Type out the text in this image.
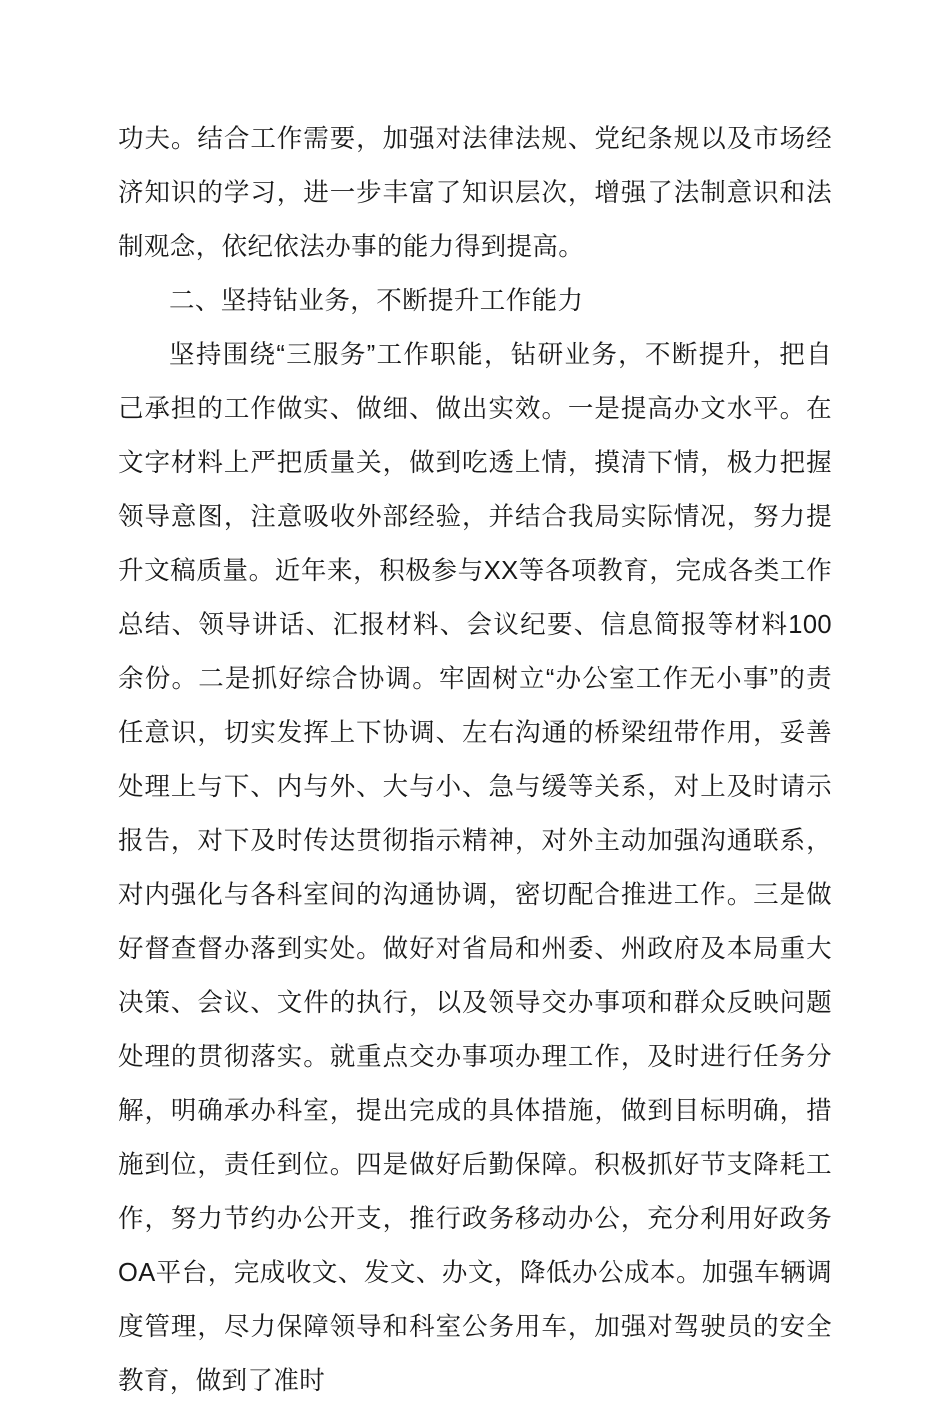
功夫。结合工作需要，加强对法律法规、党纪条规以及市场经济知识的学习，进一步丰富了知识层次，增强了法制意识和法制观念，依纪依法办事的能力得到提高。

二、坚持钻业务，不断提升工作能力

坚持围绕“三服务”工作职能，钻研业务，不断提升，把自己承担的工作做实、做细、做出实效。一是提高办文水平。在文字材料上严把质量关，做到吃透上情，摸清下情，极力把握领导意图，注意吸收外部经验，并结合我局实际情况，努力提升文稿质量。近年来，积极参与XX等各项教育，完成各类工作总结、领导讲话、汇报材料、会议纪要、信息简报等材料100余份。二是抓好综合协调。牢固树立“办公室工作无小事”的责任意识，切实发挥上下协调、左右沟通的桥梁纽带作用，妥善处理上与下、内与外、大与小、急与缓等关系，对上及时请示报告，对下及时传达贯彻指示精神，对外主动加强沟通联系，对内强化与各科室间的沟通协调，密切配合推进工作。三是做好督查督办落到实处。做好对省局和州委、州政府及本局重大决策、会议、文件的执行，以及领导交办事项和群众反映问题处理的贯彻落实。就重点交办事项办理工作，及时进行任务分解，明确承办科室，提出完成的具体措施，做到目标明确，措施到位，责任到位。四是做好后勤保障。积极抓好节支降耗工作，努力节约办公开支，推行政务移动办公，充分利用好政务OA平台，完成收文、发文、办文，降低办公成本。加强车辆调度管理，尽力保障领导和科室公务用车，加强对驾驶员的安全教育，做到了准时
